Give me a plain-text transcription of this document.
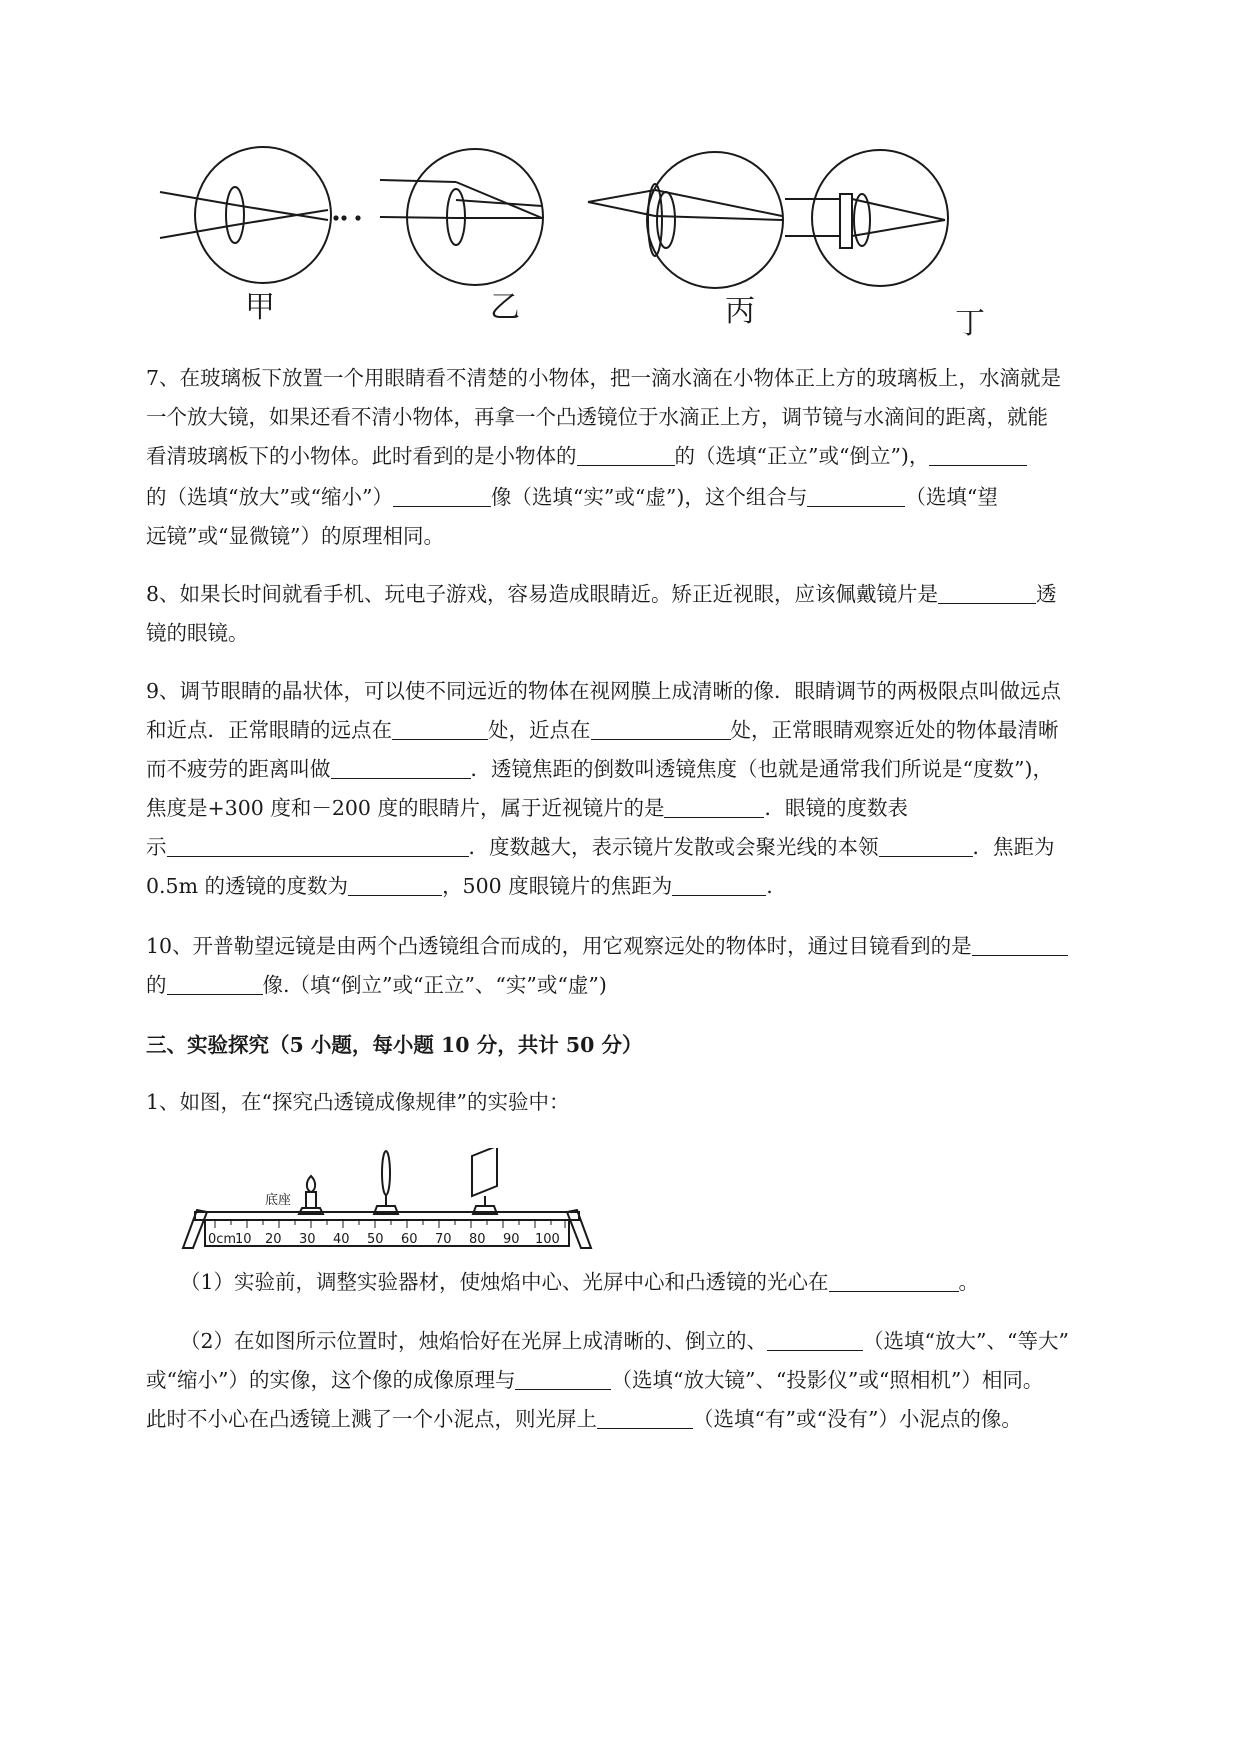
甲	乙	丙	丁
7、在玻璃板下放置一个用眼睛看不清楚的小物体，把一滴水滴在小物体正上方的玻璃板上，水滴就是
一个放大镜，如果还看不清小物体，再拿一个凸透镜位于水滴正上方，调节镜与水滴间的距离，就能
看清玻璃板下的小物体。此时看到的是小物体的	的（选填“正立”或“倒立”)，
的（选填“放大”或“缩小”）	像（选填“实”或“虚”)，这个组合与	（选填“望
远镜”或“显微镜”）的原理相同。
8、如果长时间就看手机、玩电子游戏，容易造成眼睛近。矫正近视眼，应该佩戴镜片是	透
镜的眼镜。
9、调节眼睛的晶状体，可以使不同远近的物体在视网膜上成清晰的像．眼睛调节的两极限点叫做远点
和近点．正常眼睛的远点在	处，近点在	处，正常眼睛观察近处的物体最清晰
而不疲劳的距离叫做	．透镜焦距的倒数叫透镜焦度（也就是通常我们所说是“度数”)，
焦度是+300 度和－200 度的眼睛片，属于近视镜片的是	．眼镜的度数表
示	．度数越大，表示镜片发散或会聚光线的本领	．焦距为
0.5m 的透镜的度数为	，500 度眼镜片的焦距为	.
10、开普勒望远镜是由两个凸透镜组合而成的，用它观察远处的物体时，通过目镜看到的是
的	像.（填“倒立”或“正立”、“实”或“虚”)
三、实验探究（5 小题，每小题 10 分，共计 50 分）
1、如图，在“探究凸透镜成像规律”的实验中：
0cm
10 20 30 40 50 60 70 80 90 100
底座
（1）实验前，调整实验器材，使烛焰中心、光屏中心和凸透镜的光心在	。
（2）在如图所示位置时，烛焰恰好在光屏上成清晰的、倒立的、	（选填“放大”、“等大”
或“缩小”）的实像，这个像的成像原理与	（选填“放大镜”、“投影仪”或“照相机”）相同。
此时不小心在凸透镜上溅了一个小泥点，则光屏上	（选填“有”或“没有”）小泥点的像。
